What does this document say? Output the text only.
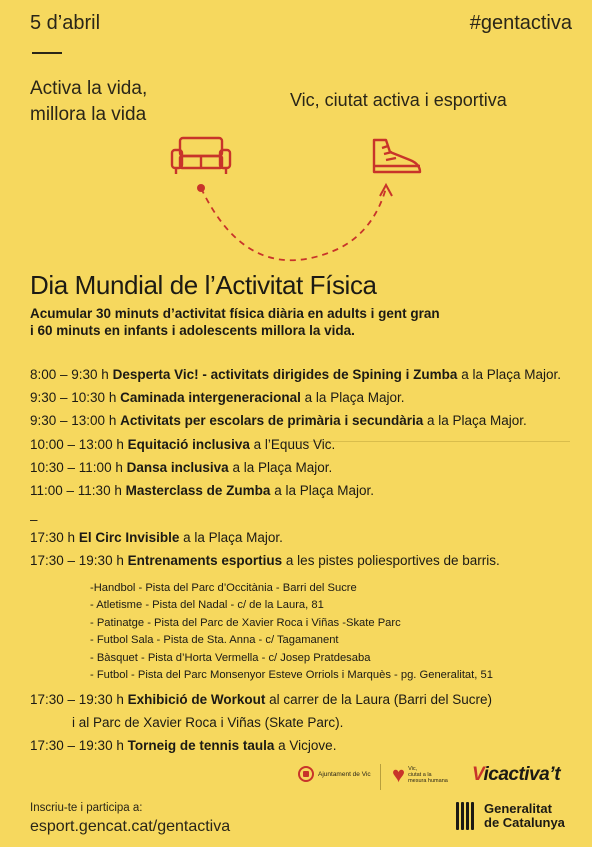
5 d’abril	#gentactiva
Activa la vida,
millora la vida
Vic, ciutat activa i esportiva
Dia Mundial de l’Activitat Física
Acumular 30 minuts d’activitat física diària en adults i gent gran
i 60 minuts en infants i adolescents millora la vida.
8:00 – 9:30 h Desperta Vic! - activitats dirigides de Spining i Zumba a la Plaça Major.
9:30 – 10:30 h Caminada intergeneracional a la Plaça Major.
9:30 – 13:00 h Activitats per escolars de primària i secundària a la Plaça Major.
10:00 – 13:00 h Equitació inclusiva a l’Equus Vic.
10:30 – 11:00 h Dansa inclusiva a la Plaça Major.
11:00 – 11:30 h Masterclass de Zumba a la Plaça Major.
–
17:30 h El Circ Invisible a la Plaça Major.
17:30 – 19:30 h Entrenaments esportius a les pistes poliesportives de barris.
-Handbol - Pista del Parc d’Occitània - Barri del Sucre
- Atletisme - Pista del Nadal - c/ de la Laura, 81
- Patinatge - Pista del Parc de Xavier Roca i Viñas -Skate Parc
- Futbol Sala - Pista de Sta. Anna - c/ Tagamanent
- Bàsquet - Pista d’Horta Vermella - c/ Josep Pratdesaba
- Futbol - Pista del Parc Monsenyor Esteve Orriols i Marquès - pg. Generalitat, 51
17:30 – 19:30 h Exhibició de Workout al carrer de la Laura (Barri del Sucre)
i al Parc de Xavier Roca i Viñas (Skate Parc).
17:30 – 19:30 h Torneig de tennis taula a Vicjove.
Ajuntament de Vic ♥ Vic,
ciutat a la
mesura humana Vicactiva’t
Inscriu-te i participa a:
esport.gencat.cat/gentactiva
Generalitat
de Catalunya
